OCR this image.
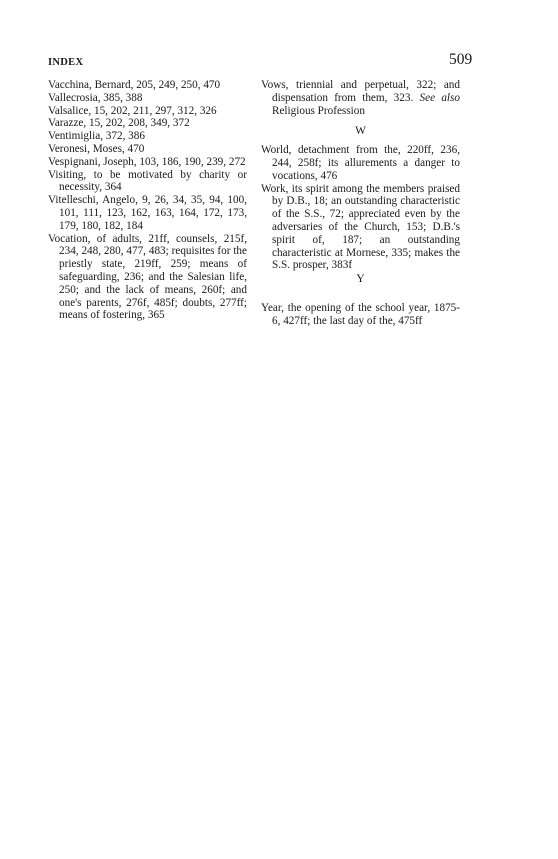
INDEX	509

Vacchina, Bernard, 205, 249, 250, 470

Vallecrosia, 385, 388

Valsalice, 15, 202, 211, 297, 312, 326

Varazze, 15, 202, 208, 349, 372

Ventimiglia, 372, 386

Veronesi, Moses, 470

Vespignani, Joseph, 103, 186, 190, 239, 272

Visiting, to be motivated by charity or necessity, 364

Vitelleschi, Angelo, 9, 26, 34, 35, 94, 100, 101, 111, 123, 162, 163, 164, 172, 173, 179, 180, 182, 184

Vocation, of adults, 21ff, counsels, 215f, 234, 248, 280, 477, 483; requisites for the priestly state, 219ff, 259; means of safeguarding, 236; and the Salesian life, 250; and the lack of means, 260f; and one's parents, 276f, 485f; doubts, 277ff; means of fostering, 365

Vows, triennial and perpetual, 322; and dispensation from them, 323. See also Religious Profession

W

World, detachment from the, 220ff, 236, 244, 258f; its allurements a danger to vocations, 476

Work, its spirit among the members praised by D.B., 18; an outstanding characteristic of the S.S., 72; appreciated even by the adversaries of the Church, 153; D.B.'s spirit of, 187; an outstanding characteristic at Mornese, 335; makes the S.S. prosper, 383f

Y

Year, the opening of the school year, 1875-6, 427ff; the last day of the, 475ff
